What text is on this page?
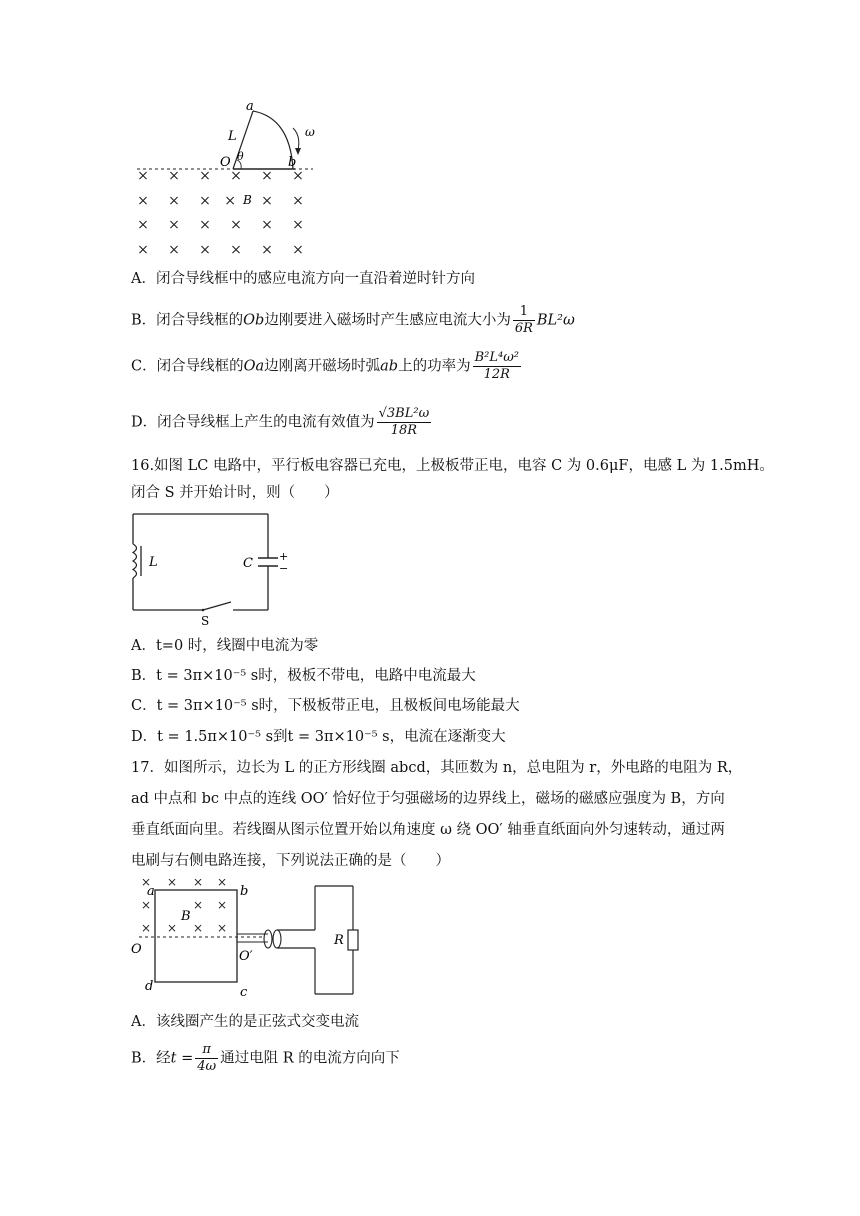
a
L
O θ	b
ω
B
× × × × × ×
× × ×	× ×
× × × × × ×
× × × × × ×
×
A．闭合导线框中的感应电流方向一直沿着逆时针方向
B．闭合导线框的Ob边刚要进入磁场时产生感应电流大小为 $\frac{1}{6R} BL^2\omega$
C．闭合导线框的Oa边刚离开磁场时弧ab上的功率为 $\frac{\text{B²L⁴ω²}}{12R}$
D．闭合导线框上产生的电流有效值为 $\frac{\text{√3BL²ω}}{18R}$
16.如图 LC 电路中，平行板电容器已充电，上极板带正电，电容 C 为 0.6μF，电感 L 为 1.5mH。
闭合 S 并开始计时，则（　　）
L	C +
−
S
A．t=0 时，线圈中电流为零
B．t = 3π×10⁻⁵ s时，极板不带电，电路中电流最大
C．t = 3π×10⁻⁵ s时，下极板带正电，且极板间电场能最大
D．t = 1.5π×10⁻⁵ s到t = 3π×10⁻⁵ s，电流在逐渐变大
17．如图所示，边长为 L 的正方形线圈 abcd，其匝数为 n，总电阻为 r，外电路的电阻为 R，
ad 中点和 bc 中点的连线 OO′ 恰好位于匀强磁场的边界线上，磁场的磁感应强度为 B，方向
垂直纸面向里。若线圈从图示位置开始以角速度 ω 绕 OO′ 轴垂直纸面向外匀速转动，通过两
电刷与右侧电路连接，下列说法正确的是（　　）
a	b
B
O	O′
d	c
R
× × × ×
×	× ×
× × × ×
A．该线圈产生的是正弦式交变电流
B．经$t = \frac{\pi}{4\omega}$ 通过电阻 R 的电流方向向下
